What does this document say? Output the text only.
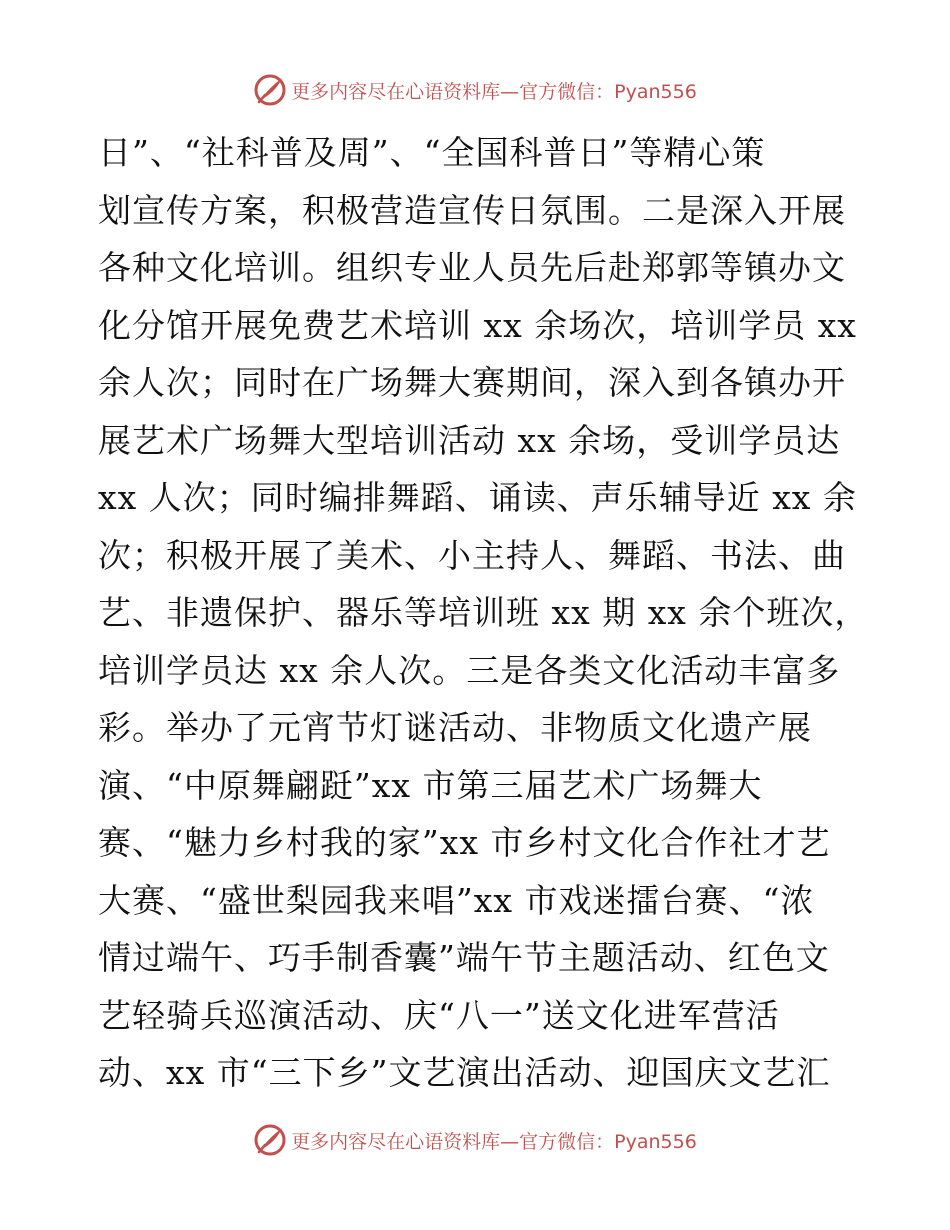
更多内容尽在心语资料库—官方微信：Pyan556
日”、“社科普及周”、“全国科普日”等精心策
划宣传方案，积极营造宣传日氛围。二是深入开展
各种文化培训。组织专业人员先后赴郑郭等镇办文
化分馆开展免费艺术培训 xx 余场次，培训学员 xx
余人次；同时在广场舞大赛期间，深入到各镇办开
展艺术广场舞大型培训活动 xx 余场，受训学员达
xx 人次；同时编排舞蹈、诵读、声乐辅导近 xx 余
次；积极开展了美术、小主持人、舞蹈、书法、曲
艺、非遗保护、器乐等培训班 xx 期 xx 余个班次，
培训学员达 xx 余人次。三是各类文化活动丰富多
彩。举办了元宵节灯谜活动、非物质文化遗产展
演、“中原舞翩跹”xx 市第三届艺术广场舞大
赛、“魅力乡村我的家”xx 市乡村文化合作社才艺
大赛、“盛世梨园我来唱”xx 市戏迷擂台赛、“浓
情过端午、巧手制香囊”端午节主题活动、红色文
艺轻骑兵巡演活动、庆“八一”送文化进军营活
动、xx 市“三下乡”文艺演出活动、迎国庆文艺汇
更多内容尽在心语资料库—官方微信：Pyan556
